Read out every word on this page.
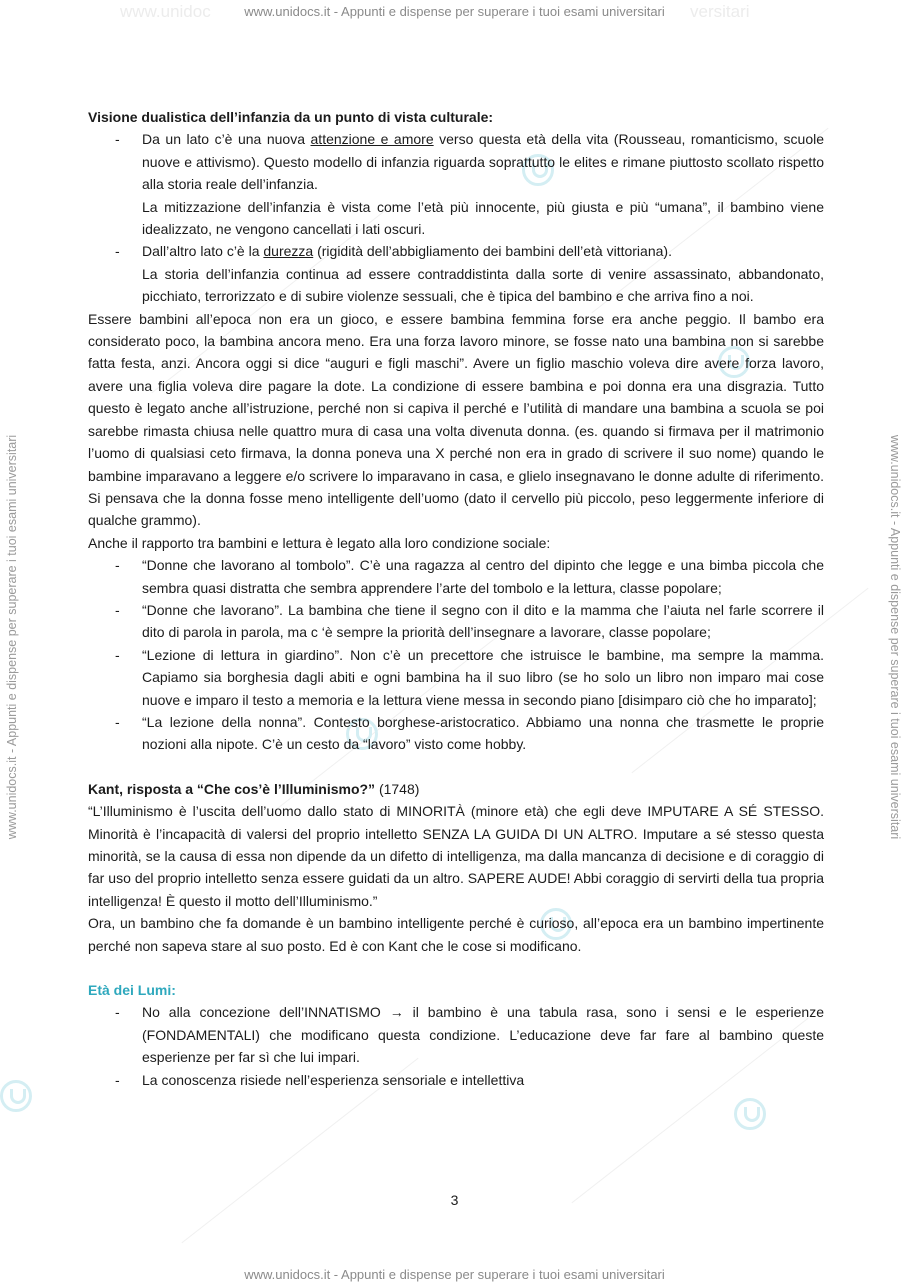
www.unidocs.it - Appunti e dispense per superare i tuoi esami universitari
www.unidoc	versitari
www.unidocs.it - Appunti e dispense per superare i tuoi esami universitari
www.unidocs.it - Appunti e dispense per superare i tuoi esami universitari	www.unidocs.it - Appunti e dispense per superare i tuoi esami universitari

Visione dualistica dell’infanzia da un punto di vista culturale:

- Da un lato c’è una nuova attenzione e amore verso questa età della vita (Rousseau, romanticismo, scuole nuove e attivismo). Questo modello di infanzia riguarda soprattutto le elites e rimane piuttosto scollato rispetto alla storia reale dell’infanzia.
La mitizzazione dell’infanzia è vista come l’età più innocente, più giusta e più “umana”, il bambino viene idealizzato, ne vengono cancellati i lati oscuri.
- Dall’altro lato c’è la durezza (rigidità dell’abbigliamento dei bambini dell’età vittoriana).
La storia dell’infanzia continua ad essere contraddistinta dalla sorte di venire assassinato, abbandonato, picchiato, terrorizzato e di subire violenze sessuali, che è tipica del bambino e che arriva fino a noi.

Essere bambini all’epoca non era un gioco, e essere bambina femmina forse era anche peggio. Il bambo era considerato poco, la bambina ancora meno. Era una forza lavoro minore, se fosse nato una bambina non si sarebbe fatta festa, anzi. Ancora oggi si dice “auguri e figli maschi”. Avere un figlio maschio voleva dire avere forza lavoro, avere una figlia voleva dire pagare la dote. La condizione di essere bambina e poi donna era una disgrazia. Tutto questo è legato anche all’istruzione, perché non si capiva il perché e l’utilità di mandare una bambina a scuola se poi sarebbe rimasta chiusa nelle quattro mura di casa una volta divenuta donna. (es. quando si firmava per il matrimonio l’uomo di qualsiasi ceto firmava, la donna poneva una X perché non era in grado di scrivere il suo nome) quando le bambine imparavano a leggere e/o scrivere lo imparavano in casa, e glielo insegnavano le donne adulte di riferimento. Si pensava che la donna fosse meno intelligente dell’uomo (dato il cervello più piccolo, peso leggermente inferiore di qualche grammo).

Anche il rapporto tra bambini e lettura è legato alla loro condizione sociale:

- “Donne che lavorano al tombolo”. C’è una ragazza al centro del dipinto che legge e una bimba piccola che sembra quasi distratta che sembra apprendere l’arte del tombolo e la lettura, classe popolare;
- “Donne che lavorano”. La bambina che tiene il segno con il dito e la mamma che l’aiuta nel farle scorrere il dito di parola in parola, ma c ‘è sempre la priorità dell’insegnare a lavorare, classe popolare;
- “Lezione di lettura in giardino”. Non c’è un precettore che istruisce le bambine, ma sempre la mamma. Capiamo sia borghesia dagli abiti e ogni bambina ha il suo libro (se ho solo un libro non imparo mai cose nuove e imparo il testo a memoria e la lettura viene messa in secondo piano [disimparo ciò che ho imparato];
- “La lezione della nonna”. Contesto borghese-aristocratico. Abbiamo una nonna che trasmette le proprie nozioni alla nipote. C’è un cesto da “lavoro” visto come hobby.

Kant, risposta a “Che cos’è l’Illuminismo?” (1748)

“L’Illuminismo è l’uscita dell’uomo dallo stato di MINORITÀ (minore età) che egli deve IMPUTARE A SÉ STESSO. Minorità è l’incapacità di valersi del proprio intelletto SENZA LA GUIDA DI UN ALTRO. Imputare a sé stesso questa minorità, se la causa di essa non dipende da un difetto di intelligenza, ma dalla mancanza di decisione e di coraggio di far uso del proprio intelletto senza essere guidati da un altro. SAPERE AUDE! Abbi coraggio di servirti della tua propria intelligenza! È questo il motto dell’Illuminismo.”

Ora, un bambino che fa domande è un bambino intelligente perché è curioso, all’epoca era un bambino impertinente perché non sapeva stare al suo posto. Ed è con Kant che le cose si modificano.

Età dei Lumi:

- No alla concezione dell’INNATISMO → il bambino è una tabula rasa, sono i sensi e le esperienze (FONDAMENTALI) che modificano questa condizione. L’educazione deve far fare al bambino queste esperienze per far sì che lui impari.
- La conoscenza risiede nell’esperienza sensoriale e intellettiva
3
